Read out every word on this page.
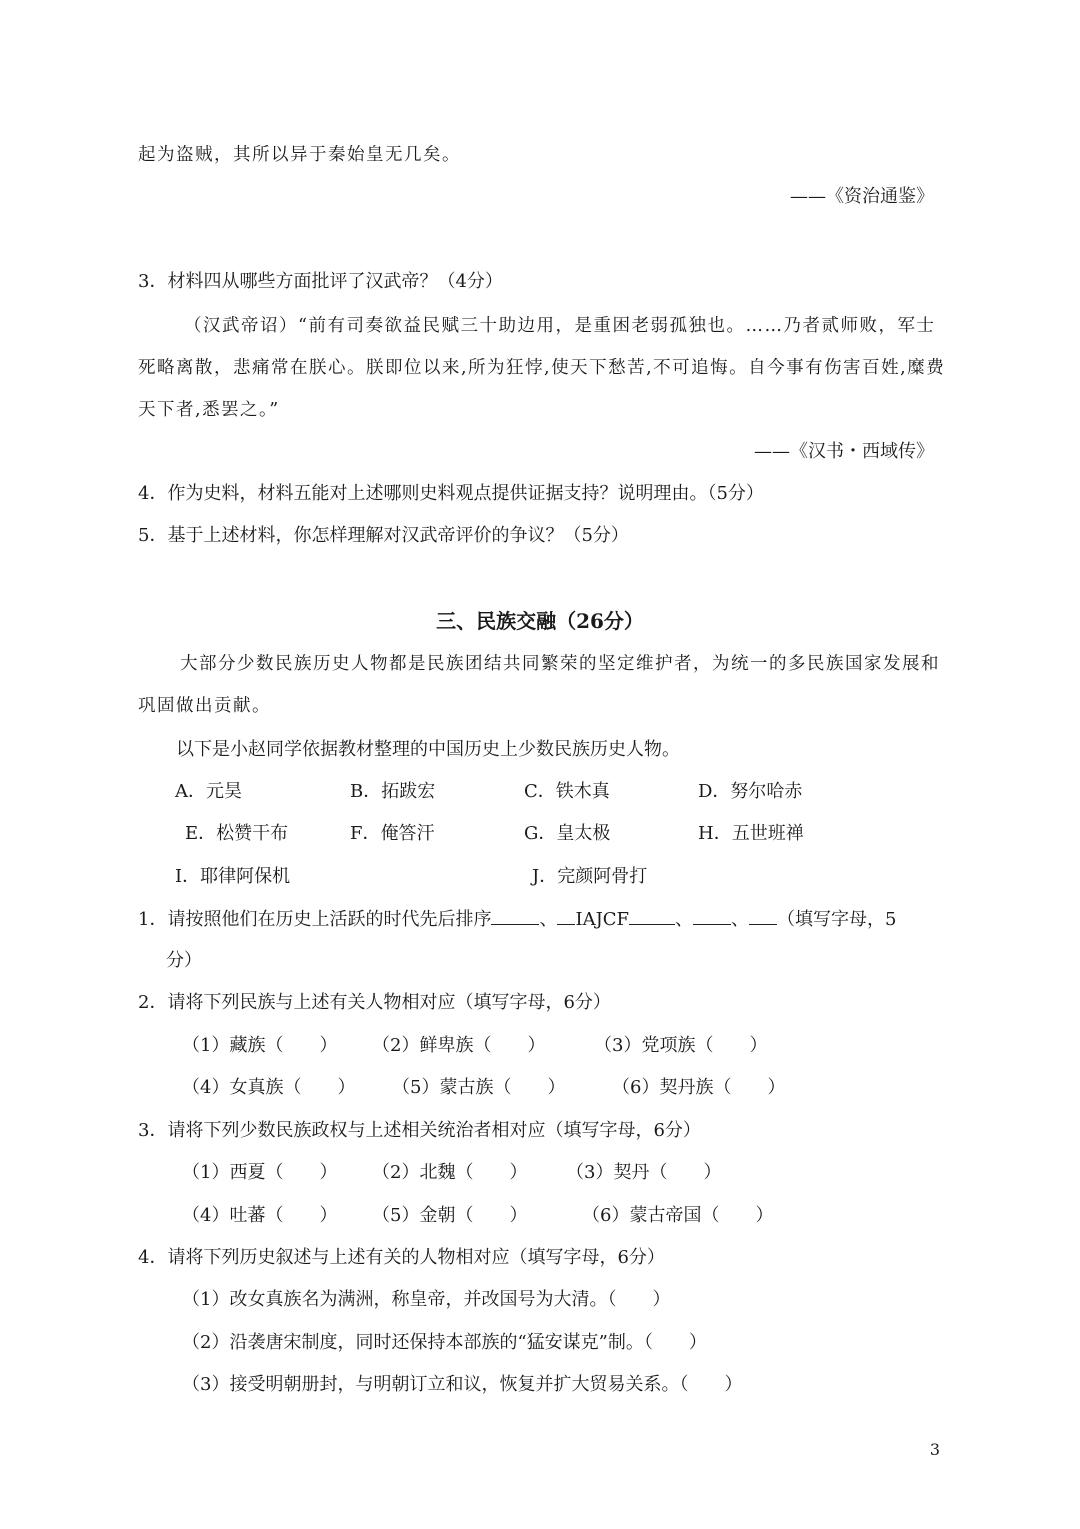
起为盗贼，其所以异于秦始皇无几矣。
——《资治通鉴》
3．材料四从哪些方面批评了汉武帝？（4分）
（汉武帝诏）“前有司奏欲益民赋三十助边用，是重困老弱孤独也。……乃者贰师败，军士
死略离散，悲痛常在朕心。朕即位以来,所为狂悖,使天下愁苦,不可追悔。自今事有伤害百姓,糜费
天下者,悉罢之。”
——《汉书・西域传》
4．作为史料，材料五能对上述哪则史料观点提供证据支持？说明理由。（5分）
5．基于上述材料，你怎样理解对汉武帝评价的争议？（5分）
三、民族交融（26分）
大部分少数民族历史人物都是民族团结共同繁荣的坚定维护者，为统一的多民族国家发展和
巩固做出贡献。
以下是小赵同学依据教材整理的中国历史上少数民族历史人物。
A．元昊	B．拓跋宏	C．铁木真	D．努尔哈赤
E．松赞干布	F．俺答汗	G．皇太极	H．五世班禅
I．耶律阿保机	J．完颜阿骨打
1．请按照他们在历史上活跃的时代先后排序	、 IAJCF	、 、 （填写字母，5
分）
2．请将下列民族与上述有关人物相对应（填写字母，6分）
（1）藏族（　　） （2）鲜卑族（　　）	（3）党项族（　　）
（4）女真族（　　） （5）蒙古族（　　）	（6）契丹族（　　）
3．请将下列少数民族政权与上述相关统治者相对应（填写字母，6分）
（1）西夏（　　） （2）北魏（　　） （3）契丹（　　）
（4）吐蕃（　　） （5）金朝（　　）	（6）蒙古帝国（　　）
4．请将下列历史叙述与上述有关的人物相对应（填写字母，6分）
（1）改女真族名为满洲，称皇帝，并改国号为大清。（　　）
（2）沿袭唐宋制度，同时还保持本部族的“猛安谋克”制。（　　）
（3）接受明朝册封，与明朝订立和议，恢复并扩大贸易关系。（　　）
3
